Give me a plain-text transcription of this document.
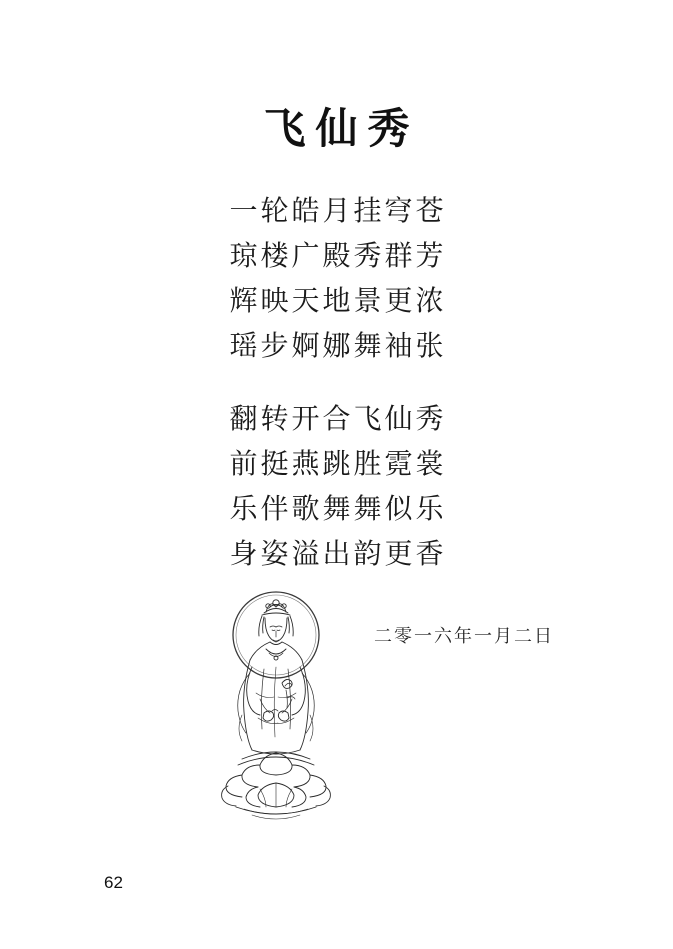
飞仙秀
一轮皓月挂穹苍
琼楼广殿秀群芳
辉映天地景更浓
瑶步婀娜舞袖张
翻转开合飞仙秀
前挺燕跳胜霓裳
乐伴歌舞舞似乐
身姿溢出韵更香
二零一六年一月二日
62
